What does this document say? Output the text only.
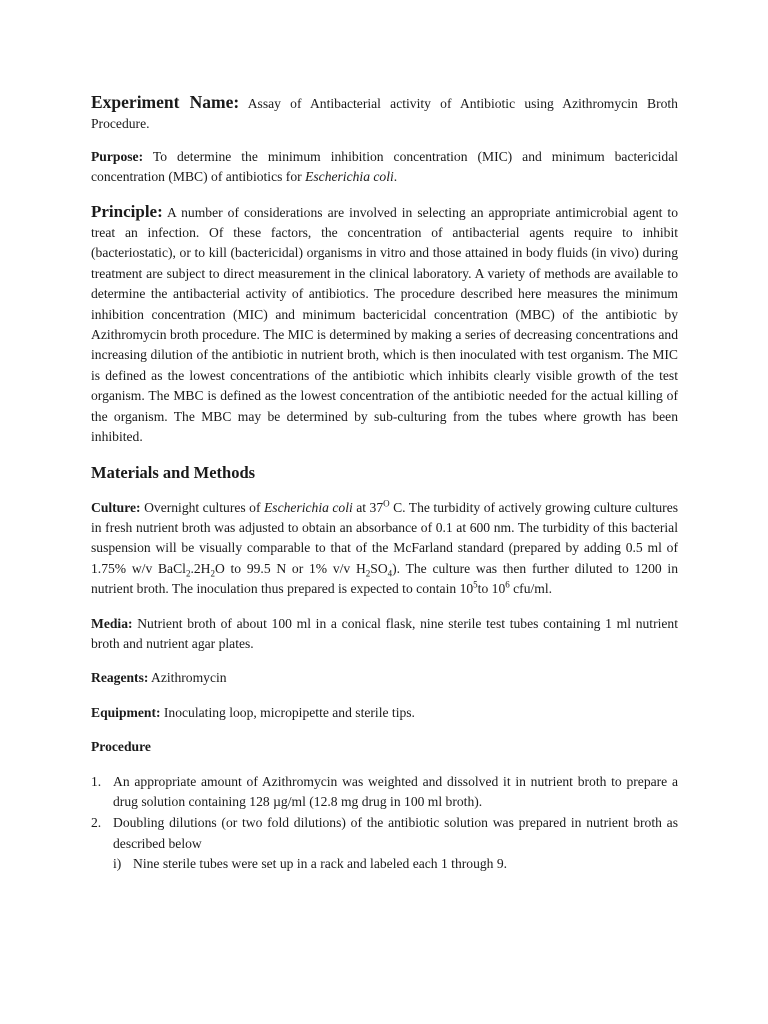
Experiment Name: Assay of Antibacterial activity of Antibiotic using Azithromycin Broth Procedure.

Purpose: To determine the minimum inhibition concentration (MIC) and minimum bactericidal concentration (MBC) of antibiotics for Escherichia coli.

Principle: A number of considerations are involved in selecting an appropriate antimicrobial agent to treat an infection. Of these factors, the concentration of antibacterial agents require to inhibit (bacteriostatic), or to kill (bactericidal) organisms in vitro and those attained in body fluids (in vivo) during treatment are subject to direct measurement in the clinical laboratory. A variety of methods are available to determine the antibacterial activity of antibiotics. The procedure described here measures the minimum inhibition concentration (MIC) and minimum bactericidal concentration (MBC) of the antibiotic by Azithromycin broth procedure. The MIC is determined by making a series of decreasing concentrations and increasing dilution of the antibiotic in nutrient broth, which is then inoculated with test organism. The MIC is defined as the lowest concentrations of the antibiotic which inhibits clearly visible growth of the test organism. The MBC is defined as the lowest concentration of the antibiotic needed for the actual killing of the organism. The MBC may be determined by sub-culturing from the tubes where growth has been inhibited.

Materials and Methods

Culture: Overnight cultures of Escherichia coli at $37^O$ C. The turbidity of actively growing culture cultures in fresh nutrient broth was adjusted to obtain an absorbance of 0.1 at 600 nm. The turbidity of this bacterial suspension will be visually comparable to that of the McFarland standard (prepared by adding 0.5 ml of 1.75% w/v $BaCl_2.2H_2O$ to 99.5 N or 1% v/v $H_2SO_4$). The culture was then further diluted to 1200 in nutrient broth. The inoculation thus prepared is expected to contain $10^5to$ $10^6$ cfu/ml.

Media: Nutrient broth of about 100 ml in a conical flask, nine sterile test tubes containing 1 ml nutrient broth and nutrient agar plates.

Reagents: Azithromycin

Equipment: Inoculating loop, micropipette and sterile tips.

Procedure
1. An appropriate amount of Azithromycin was weighted and dissolved it in nutrient broth to prepare a drug solution containing 128 µg/ml (12.8 mg drug in 100 ml broth).
2. Doubling dilutions (or two fold dilutions) of the antibiotic solution was prepared in nutrient broth as described below
i) Nine sterile tubes were set up in a rack and labeled each 1 through 9.
